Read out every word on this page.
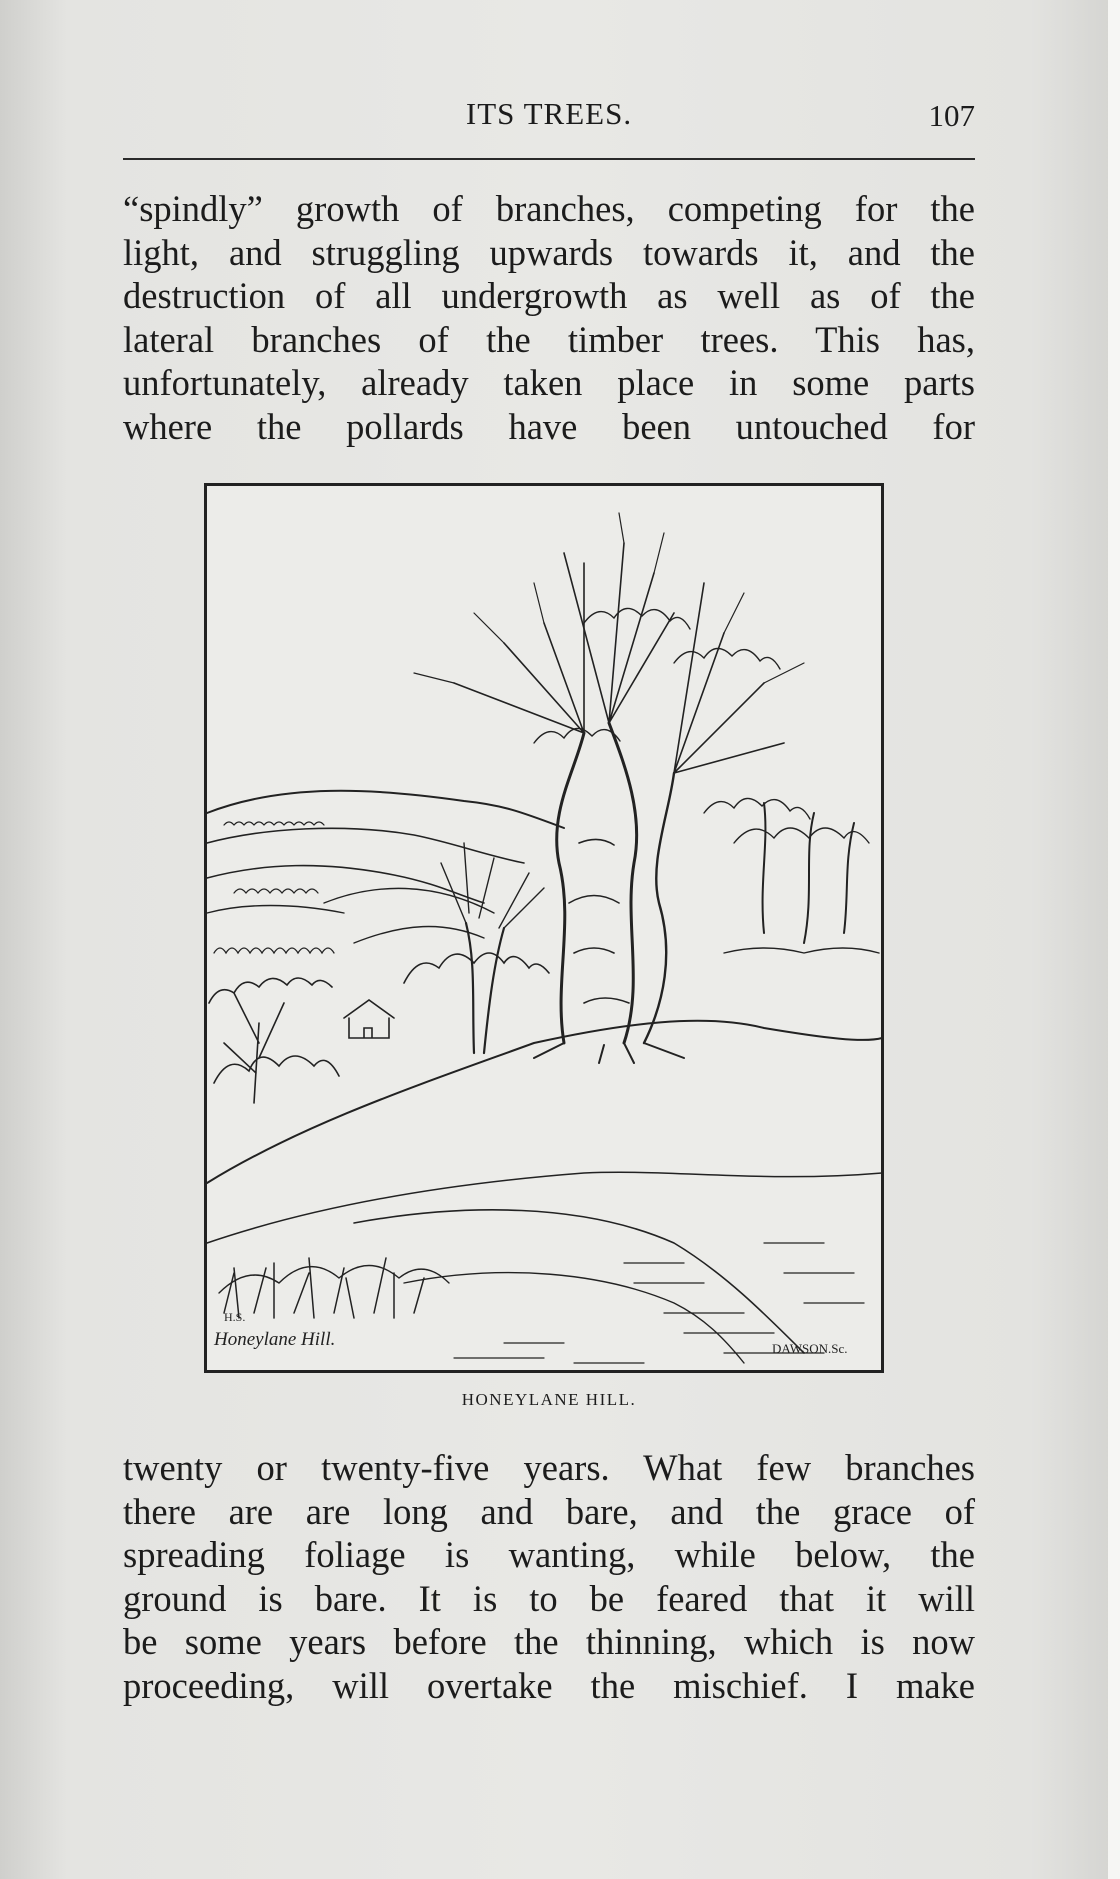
ITS TREES.	107
“spindly” growth of branches, competing for the
light, and struggling upwards towards it, and the
destruction of all undergrowth as well as of the
lateral branches of the timber trees. This has,
unfortunately, already taken place in some parts
where the pollards have been untouched for
Honeylane Hill.
H.S.
DAWSON.Sc.
HONEYLANE HILL.
twenty or twenty-five years. What few branches
there are are long and bare, and the grace of
spreading foliage is wanting, while below, the
ground is bare. It is to be feared that it will
be some years before the thinning, which is now
proceeding, will overtake the mischief. I make
